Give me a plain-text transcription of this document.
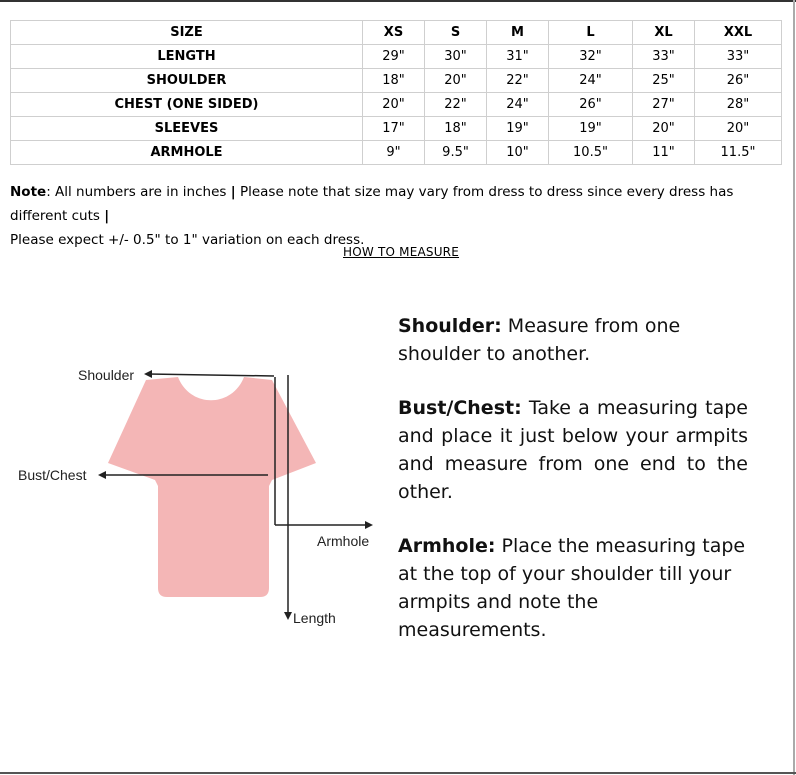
SIZE	XS	S	M	L	XL	XXL
LENGTH	29"	30"	31"	32"	33"	33"
SHOULDER	18"	20"	22"	24"	25"	26"
CHEST (ONE SIDED)	20"	22"	24"	26"	27"	28"
SLEEVES	17"	18"	19"	19"	20"	20"
ARMHOLE	9"	9.5"	10"	10.5"	11"	11.5"
Note: All numbers are in inches | Please note that size may vary from dress to dress since every dress has different cuts |
Please expect +/- 0.5" to 1" variation on each dress.
HOW TO MEASURE
Shoulder
Bust/Chest
Armhole
Length

Shoulder: Measure from one shoulder to another.

Bust/Chest: Take a measuring tape and place it just below your armpits and measure from one end to the other.

Armhole: Place the measuring tape at the top of your shoulder till your armpits and note the measurements.
